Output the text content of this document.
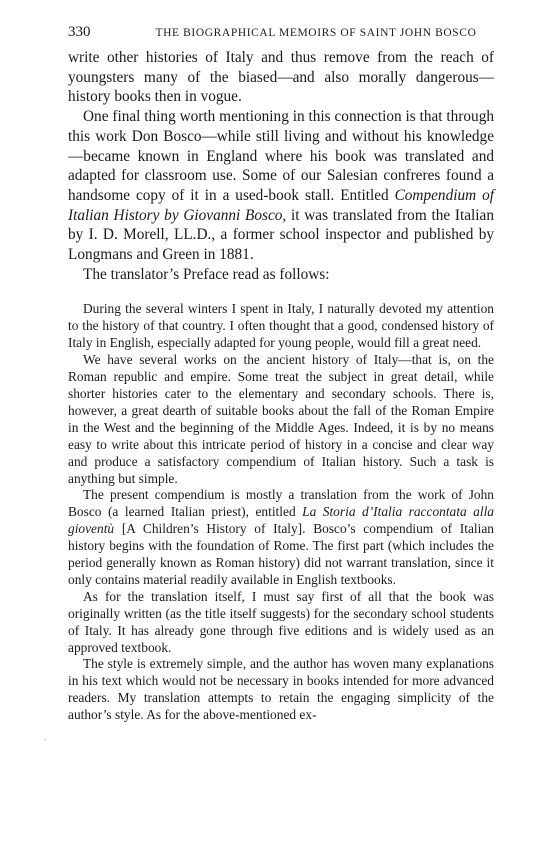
330	THE BIOGRAPHICAL MEMOIRS OF SAINT JOHN BOSCO

write other histories of Italy and thus remove from the reach of youngsters many of the biased—and also morally dangerous—history books then in vogue.

One final thing worth mentioning in this connection is that through this work Don Bosco—while still living and without his knowledge—became known in England where his book was translated and adapted for classroom use. Some of our Salesian confreres found a handsome copy of it in a used-book stall. Entitled Compendium of Italian History by Giovanni Bosco, it was translated from the Italian by I. D. Morell, LL.D., a former school inspector and published by Longmans and Green in 1881.

The translator’s Preface read as follows:

During the several winters I spent in Italy, I naturally devoted my attention to the history of that country. I often thought that a good, condensed history of Italy in English, especially adapted for young people, would fill a great need.

We have several works on the ancient history of Italy—that is, on the Roman republic and empire. Some treat the subject in great detail, while shorter histories cater to the elementary and secondary schools. There is, however, a great dearth of suitable books about the fall of the Roman Empire in the West and the beginning of the Middle Ages. Indeed, it is by no means easy to write about this intricate period of history in a concise and clear way and produce a satisfactory compendium of Italian history. Such a task is anything but simple.

The present compendium is mostly a translation from the work of John Bosco (a learned Italian priest), entitled La Storia d’Italia raccontata alla gioventù [A Children’s History of Italy]. Bosco’s compendium of Italian history begins with the foundation of Rome. The first part (which includes the period generally known as Roman history) did not warrant translation, since it only contains material readily available in English textbooks.

As for the translation itself, I must say first of all that the book was originally written (as the title itself suggests) for the secondary school students of Italy. It has already gone through five editions and is widely used as an approved textbook.

The style is extremely simple, and the author has woven many explanations in his text which would not be necessary in books intended for more advanced readers. My translation attempts to retain the engaging simplicity of the author’s style. As for the above-mentioned ex-

.
